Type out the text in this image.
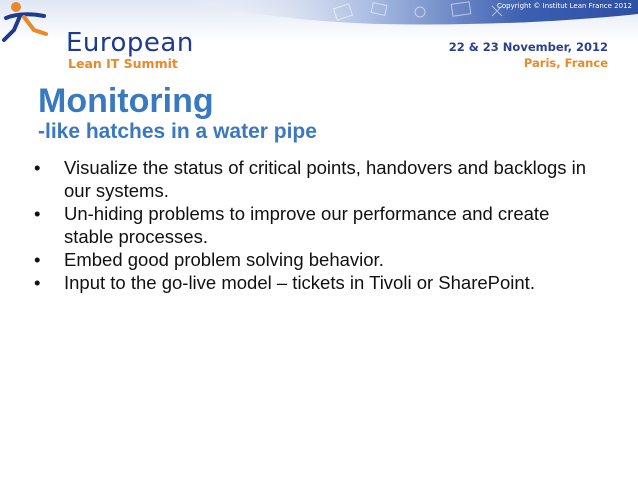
Copyright © Institut Lean France 2012
European
Lean IT Summit
22 & 23 November, 2012
Paris, France
Monitoring
-like hatches in a water pipe
• Visualize the status of critical points, handovers and backlogs in our systems.
• Un-hiding problems to improve our performance and create stable processes.
• Embed good problem solving behavior.
• Input to the go-live model – tickets in Tivoli or SharePoint.
